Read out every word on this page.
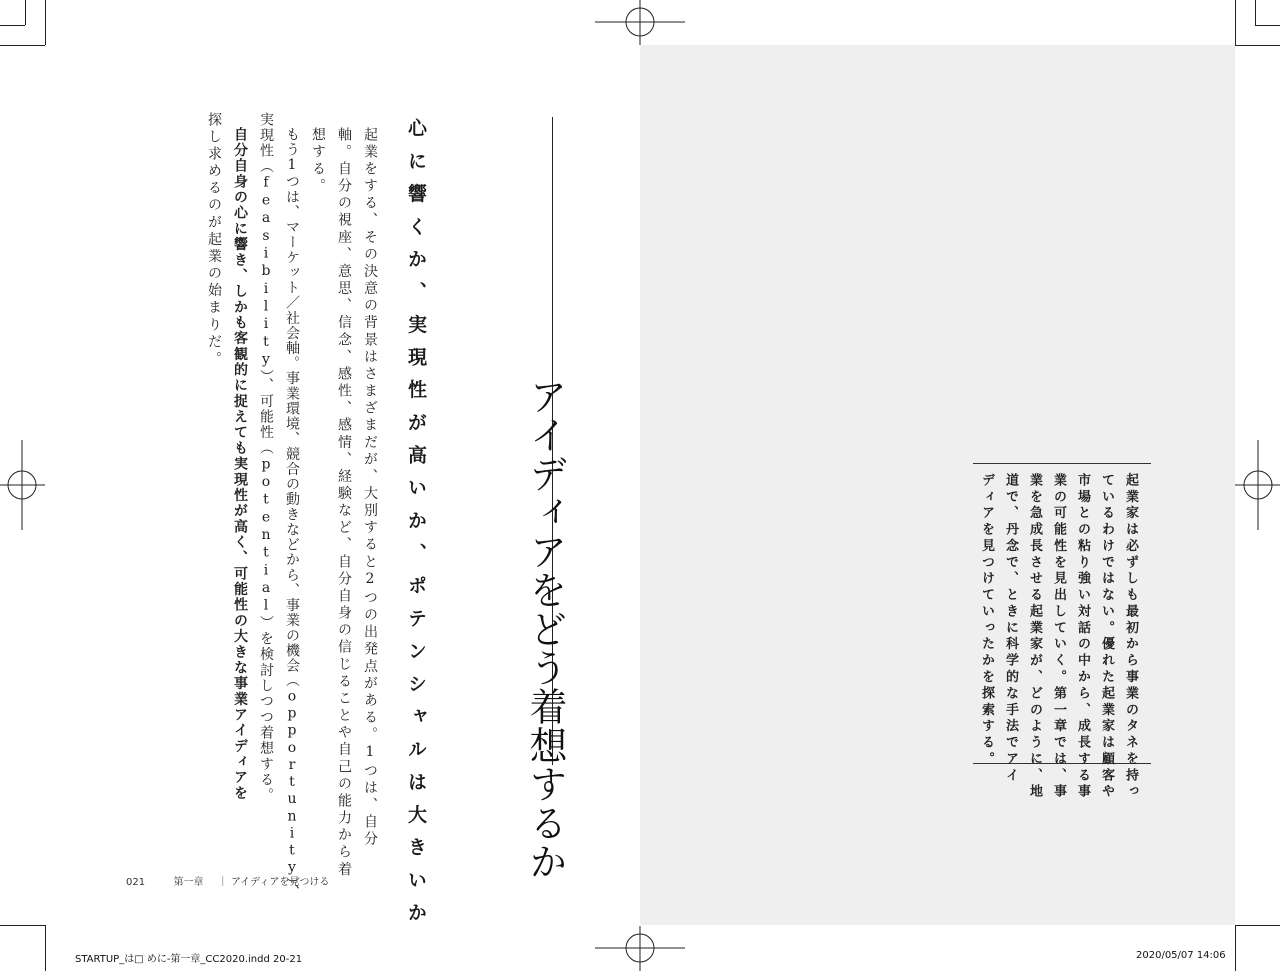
アイディアをどう着想するか
心に響くか、実現性が高いか、ポテンシャルは大きいか
起業をする、その決意の背景はさまざまだが、大別すると2つの出発点がある。1つは、自分
軸。自分の視座、意思、信念、感性、感情、経験など、自分自身の信じることや自己の能力から着
想する。
もう1つは、マーケット／社会軸。事業環境、競合の動きなどから、事業の機会（opportunity）、
実現性（feasibility）、可能性（potential）を検討しつつ着想する。
自分自身の心に響き、しかも客観的に捉えても実現性が高く、可能性の大きな事業アイディアを
探し求めるのが起業の始まりだ。
021	第一章 ｜ アイディアを見つける
起業家は必ずしも最初から事業のタネを持っ
ているわけではない。優れた起業家は顧客や
市場との粘り強い対話の中から、成長する事
業の可能性を見出していく。第一章では、事
業を急成長させる起業家が、どのように、地
道で、丹念で、ときに科学的な手法でアイ
ディアを見つけていったかを探索する。
STARTUP_は□ めに-第一章_CC2020.indd 20-21	2020/05/07 14:06
